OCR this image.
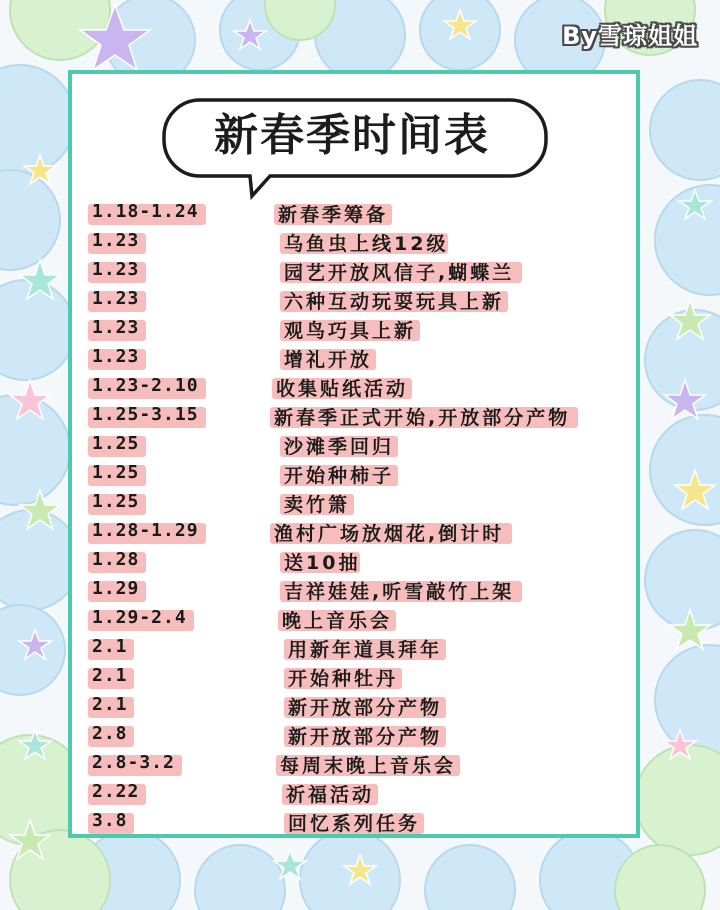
By雪琼姐姐
新春季时间表
1.18-1.24	新春季筹备
1.23	乌鱼虫上线12级
1.23	园艺开放风信子,蝴蝶兰
1.23	六种互动玩耍玩具上新
1.23	观鸟巧具上新
1.23	增礼开放
1.23-2.10	收集贴纸活动
1.25-3.15	新春季正式开始,开放部分产物
1.25	沙滩季回归
1.25	开始种柿子
1.25	卖竹箫
1.28-1.29	渔村广场放烟花,倒计时
1.28	送10抽
1.29	吉祥娃娃,听雪敲竹上架
1.29-2.4	晚上音乐会
2.1	用新年道具拜年
2.1	开始种牡丹
2.1	新开放部分产物
2.8	新开放部分产物
2.8-3.2	每周末晚上音乐会
2.22	祈福活动
3.8	回忆系列任务
